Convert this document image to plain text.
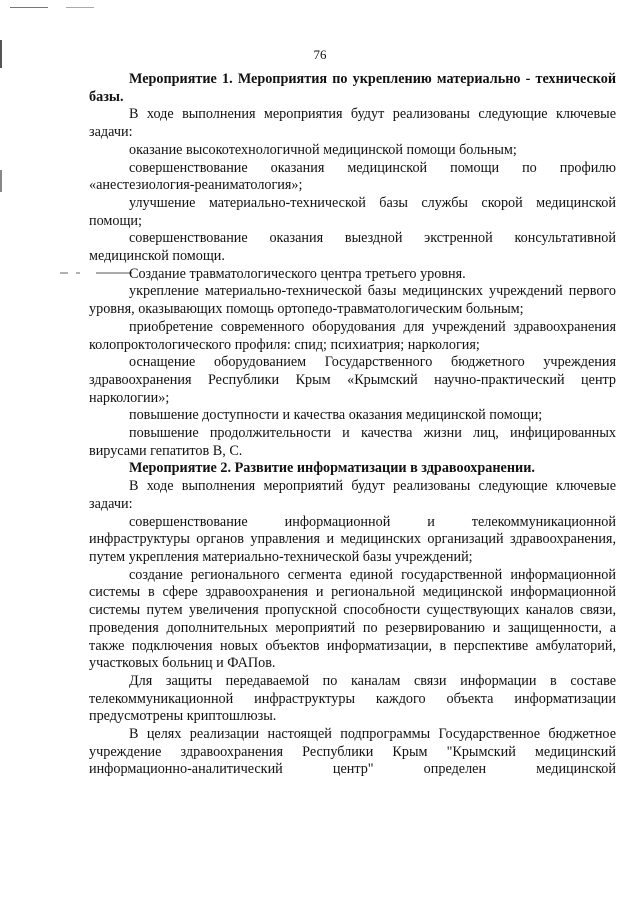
76

Мероприятие 1. Мероприятия по укреплению материально - технической базы.

В ходе выполнения мероприятия будут реализованы следующие ключевые задачи:

оказание высокотехнологичной медицинской помощи больным;

совершенствование оказания медицинской помощи по профилю «анестезиология-реаниматология»;

улучшение материально-технической базы службы скорой медицинской помощи;

совершенствование оказания выездной экстренной консультативной медицинской помощи.

Создание травматологического центра третьего уровня.

укрепление материально-технической базы медицинских учреждений первого уровня, оказывающих помощь ортопедо-травматологическим больным;

приобретение современного оборудования для учреждений здравоохранения колопроктологического профиля: спид; психиатрия; наркология;

оснащение оборудованием Государственного бюджетного учреждения здравоохранения Республики Крым «Крымский научно-практический центр наркологии»;

повышение доступности и качества оказания медицинской помощи;

повышение продолжительности и качества жизни лиц, инфицированных вирусами гепатитов В, С.

Мероприятие 2. Развитие информатизации в здравоохранении.

В ходе выполнения мероприятий будут реализованы следующие ключевые задачи:

совершенствование информационной и телекоммуникационной инфраструктуры органов управления и медицинских организаций здравоохранения, путем укрепления материально-технической базы учреждений;

создание регионального сегмента единой государственной информационной системы в сфере здравоохранения и региональной медицинской информационной системы путем увеличения пропускной способности существующих каналов связи, проведения дополнительных мероприятий по резервированию и защищенности, а также подключения новых объектов информатизации, в перспективе амбулаторий, участковых больниц и ФАПов.

Для защиты передаваемой по каналам связи информации в составе телекоммуникационной инфраструктуры каждого объекта информатизации предусмотрены криптошлюзы.

В целях реализации настоящей подпрограммы Государственное бюджетное учреждение здравоохранения Республики Крым "Крымский медицинский информационно-аналитический центр" определен медицинской
